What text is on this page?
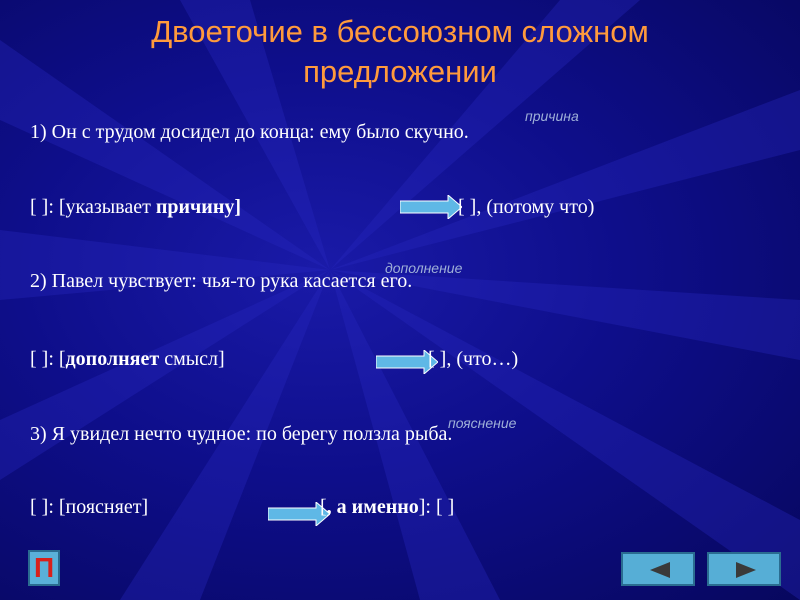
Двоеточие в бессоюзном сложном
предложении
причина
1) Он с трудом досидел до конца: ему было скучно.
[ ]: [указывает причину]	[ ], (потому что)
дополнение
2) Павел чувствует: чья-то рука касается его.
[ ]: [дополняет смысл]	[ ], (что…)
пояснение
3) Я увидел нечто чудное: по берегу ползла рыба.
[ ]: [поясняет]	[, а именно]: [ ]
П
